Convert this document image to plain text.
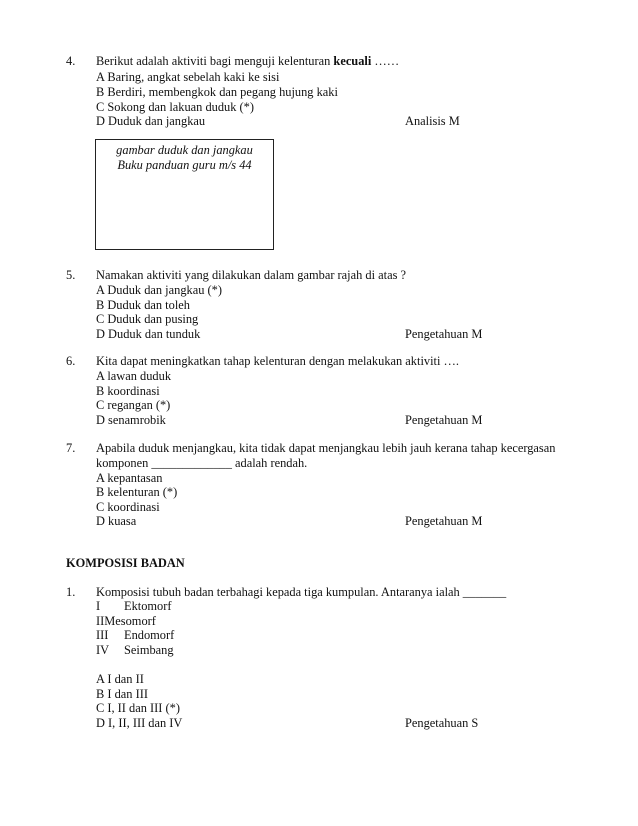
4. Berikut adalah aktiviti bagi menguji kelenturan kecuali ……
A Baring, angkat sebelah kaki ke sisi
B Berdiri, membengkok dan pegang hujung kaki
C Sokong dan lakuan duduk (*)
D Duduk dan jangkau	Analisis M
gambar duduk dan jangkau
Buku panduan guru m/s 44
5. Namakan aktiviti yang dilakukan dalam gambar rajah di atas ?
A Duduk dan jangkau (*)
B Duduk dan toleh
C Duduk dan pusing
D Duduk dan tunduk	Pengetahuan M
6. Kita dapat meningkatkan tahap kelenturan dengan melakukan aktiviti ….
A lawan duduk
B koordinasi
C regangan (*)
D senamrobik	Pengetahuan M
7. Apabila duduk menjangkau, kita tidak dapat menjangkau lebih jauh kerana tahap kecergasan
komponen _____________ adalah rendah.
A kepantasan
B kelenturan (*)
C koordinasi
D kuasa	Pengetahuan M
KOMPOSISI BADAN
1. Komposisi tubuh badan terbahagi kepada tiga kumpulan. Antaranya ialah _______
I Ektomorf
IIMesomorf
III Endomorf
IV Seimbang
A I dan II
B I dan III
C I, II dan III (*)
D I, II, III dan IV	Pengetahuan S
